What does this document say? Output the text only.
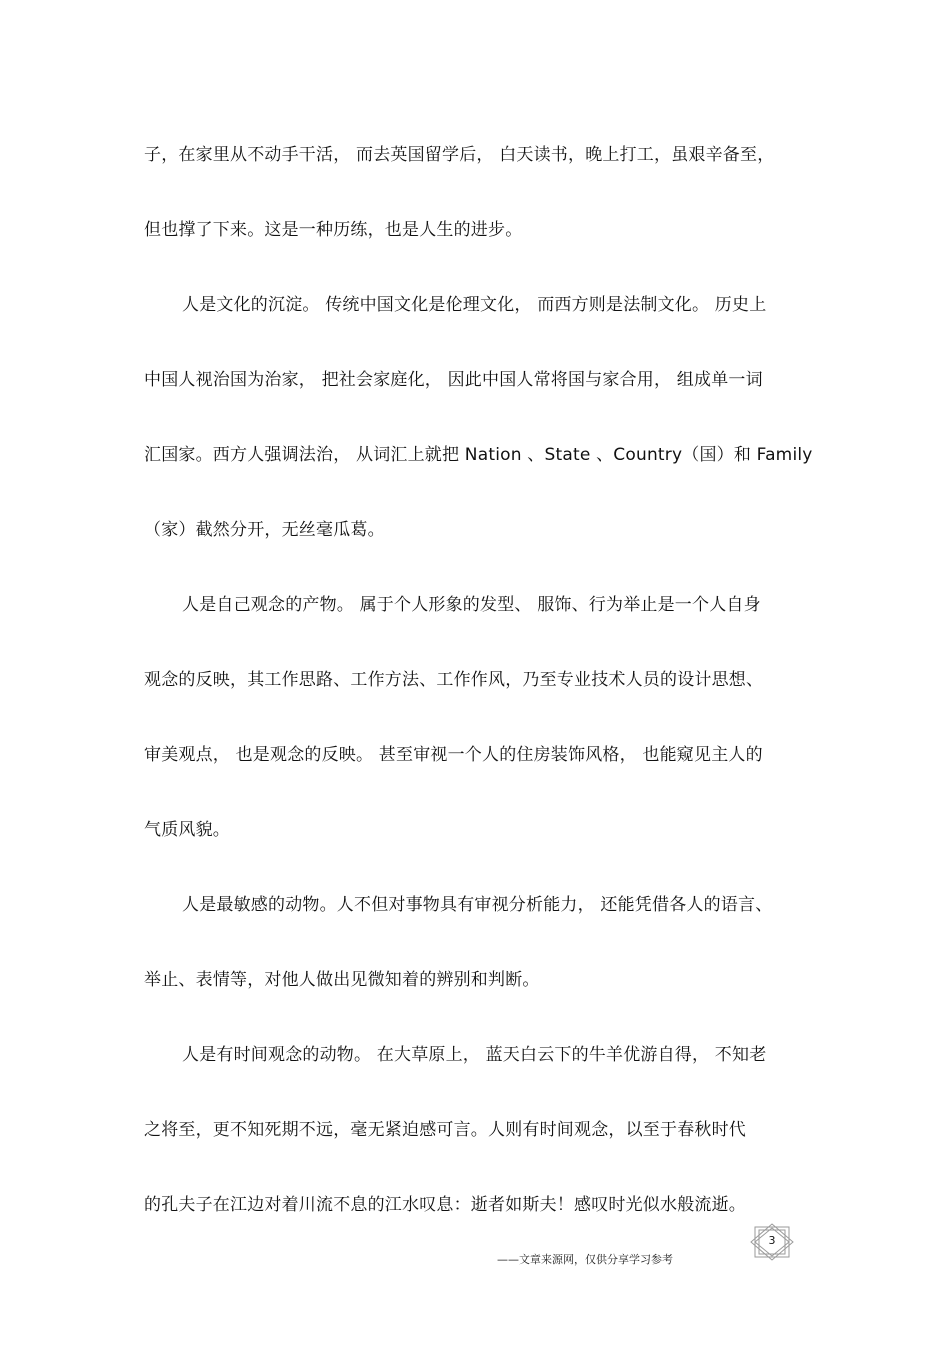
子，在家里从不动手干活， 而去英国留学后， 白天读书，晚上打工，虽艰辛备至，
但也撑了下来。这是一种历练，也是人生的进步。
人是文化的沉淀。 传统中国文化是伦理文化， 而西方则是法制文化。 历史上
中国人视治国为治家， 把社会家庭化， 因此中国人常将国与家合用， 组成单一词
汇国家。西方人强调法治， 从词汇上就把 Nation 、State 、Country（国）和 Family
（家）截然分开，无丝毫瓜葛。
人是自己观念的产物。 属于个人形象的发型、 服饰、行为举止是一个人自身
观念的反映，其工作思路、工作方法、工作作风，乃至专业技术人员的设计思想、
审美观点， 也是观念的反映。 甚至审视一个人的住房装饰风格， 也能窥见主人的
气质风貌。
人是最敏感的动物。人不但对事物具有审视分析能力， 还能凭借各人的语言、
举止、表情等，对他人做出见微知着的辨别和判断。
人是有时间观念的动物。 在大草原上， 蓝天白云下的牛羊优游自得， 不知老
之将至，更不知死期不远，毫无紧迫感可言。人则有时间观念，以至于春秋时代
的孔夫子在江边对着川流不息的江水叹息：逝者如斯夫！感叹时光似水般流逝。
——文章来源网，仅供分享学习参考
3
